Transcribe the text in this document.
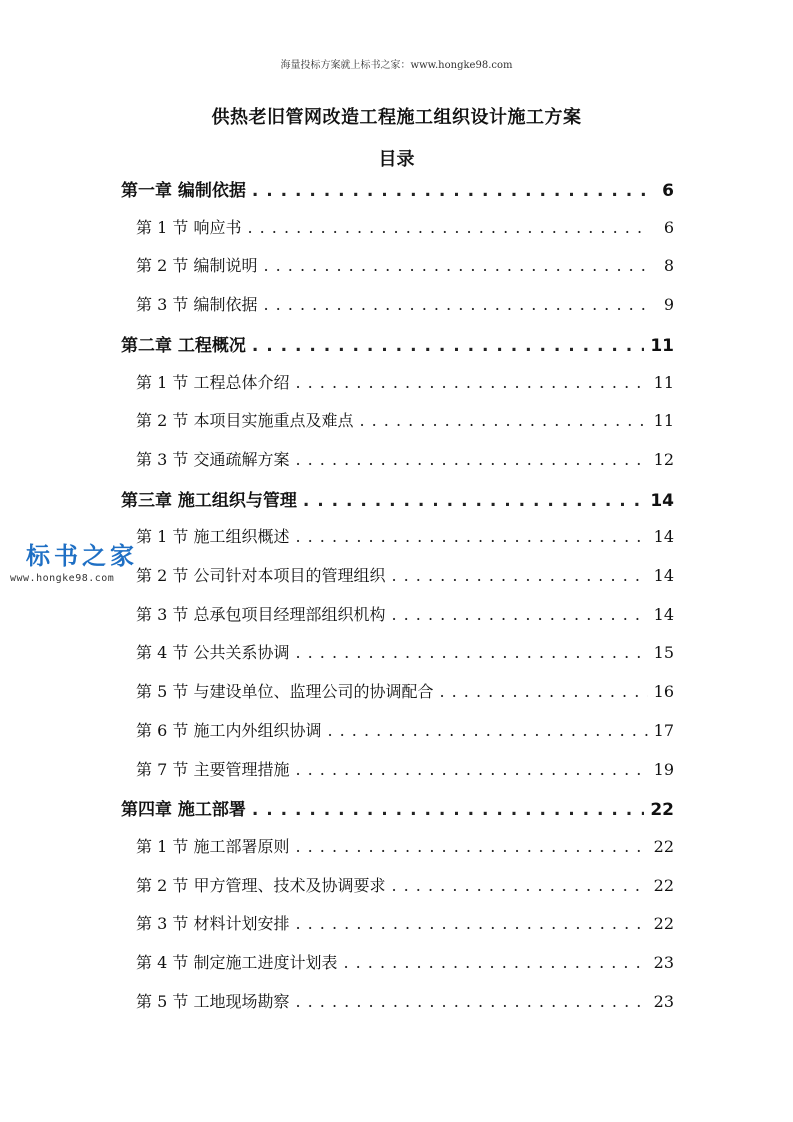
海量投标方案就上标书之家：www.hongke98.com
供热老旧管网改造工程施工组织设计施工方案
目录
第一章 编制依据 . . .	6
第 1 节 响应书 . . .	6
第 2 节 编制说明 . . .	8
第 3 节 编制依据 . . .	9
第二章 工程概况 . . .	11
第 1 节 工程总体介绍 . . .	11
第 2 节 本项目实施重点及难点 . . .	11
第 3 节 交通疏解方案 . . .	12
第三章 施工组织与管理 . . .	14
第 1 节 施工组织概述 . . .	14
第 2 节 公司针对本项目的管理组织 . . .	14
第 3 节 总承包项目经理部组织机构 . . .	14
第 4 节 公共关系协调 . . .	15
第 5 节 与建设单位、监理公司的协调配合 . . .	16
第 6 节 施工内外组织协调 . . .	17
第 7 节 主要管理措施 . . .	19
第四章 施工部署 . . .	22
第 1 节 施工部署原则 . . .	22
第 2 节 甲方管理、技术及协调要求 . . .	22
第 3 节 材料计划安排 . . .	22
第 4 节 制定施工进度计划表 . . .	23
第 5 节 工地现场勘察 . . .	23
标书之家
www.hongke98.com
